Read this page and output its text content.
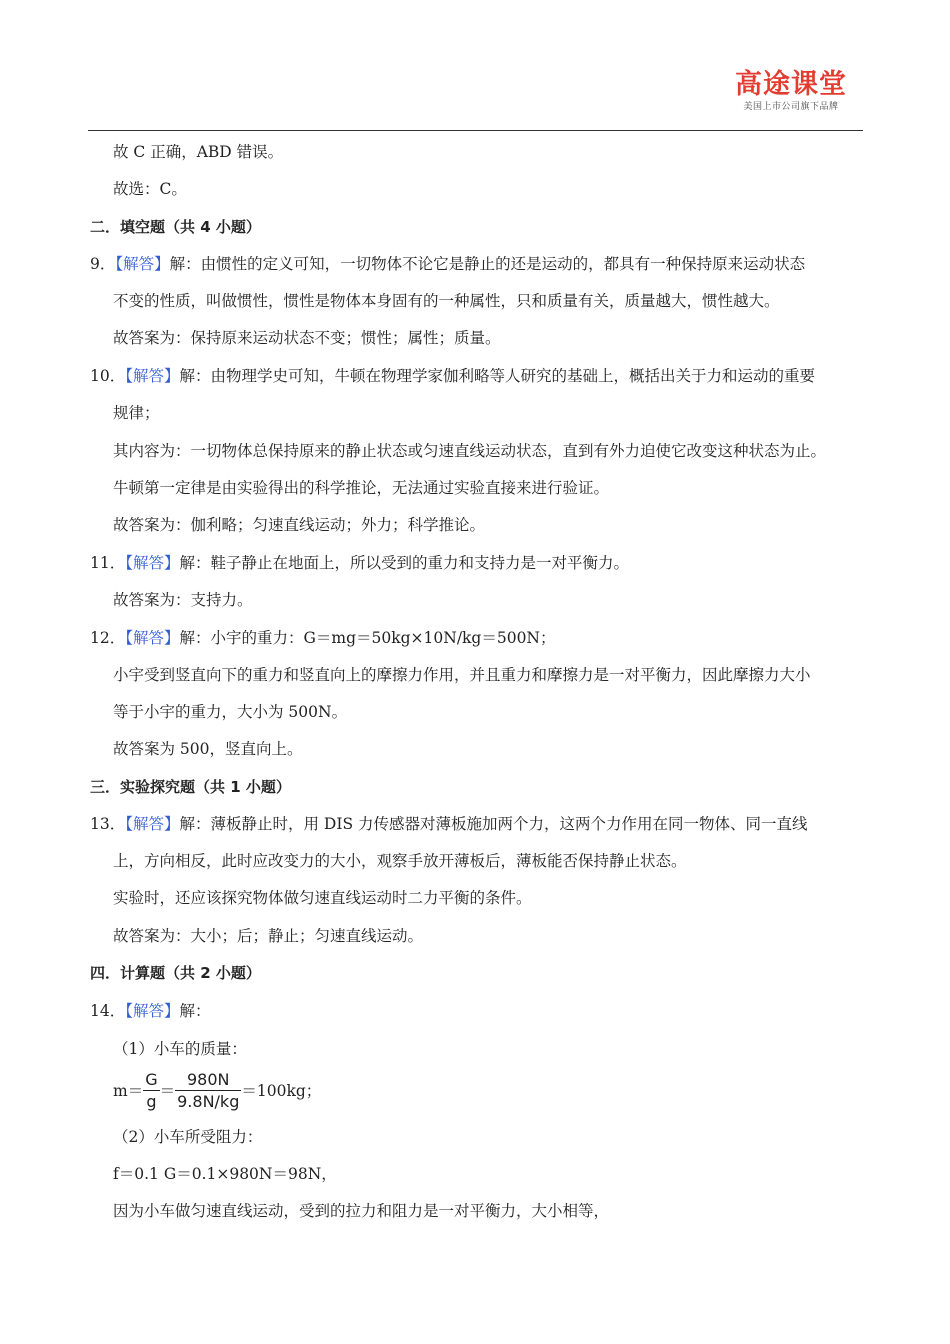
高途课堂
美国上市公司旗下品牌
故 C 正确，ABD 错误。
故选：C。
二．填空题（共 4 小题）
9．【解答】解：由惯性的定义可知，一切物体不论它是静止的还是运动的，都具有一种保持原来运动状态
不变的性质，叫做惯性，惯性是物体本身固有的一种属性，只和质量有关，质量越大，惯性越大。
故答案为：保持原来运动状态不变；惯性；属性；质量。
10．【解答】解：由物理学史可知，牛顿在物理学家伽利略等人研究的基础上，概括出关于力和运动的重要
规律；
其内容为：一切物体总保持原来的静止状态或匀速直线运动状态，直到有外力迫使它改变这种状态为止。
牛顿第一定律是由实验得出的科学推论，无法通过实验直接来进行验证。
故答案为：伽利略；匀速直线运动；外力；科学推论。
11．【解答】解：鞋子静止在地面上，所以受到的重力和支持力是一对平衡力。
故答案为：支持力。
12．【解答】解：小宇的重力：G＝mg＝50kg×10N/kg＝500N；
小宇受到竖直向下的重力和竖直向上的摩擦力作用，并且重力和摩擦力是一对平衡力，因此摩擦力大小
等于小宇的重力，大小为 500N。
故答案为 500，竖直向上。
三．实验探究题（共 1 小题）
13．【解答】解：薄板静止时，用 DIS 力传感器对薄板施加两个力，这两个力作用在同一物体、同一直线
上，方向相反，此时应改变力的大小，观察手放开薄板后，薄板能否保持静止状态。
实验时，还应该探究物体做匀速直线运动时二力平衡的条件。
故答案为：大小；后；静止；匀速直线运动。
四．计算题（共 2 小题）
14．【解答】解：
（1）小车的质量：
$m= \frac{G}{g} = \frac{980N}{9.8N/kg} =100kg$；
（2）小车所受阻力：
f＝0.1 G＝0.1×980N＝98N，
因为小车做匀速直线运动，受到的拉力和阻力是一对平衡力，大小相等，
